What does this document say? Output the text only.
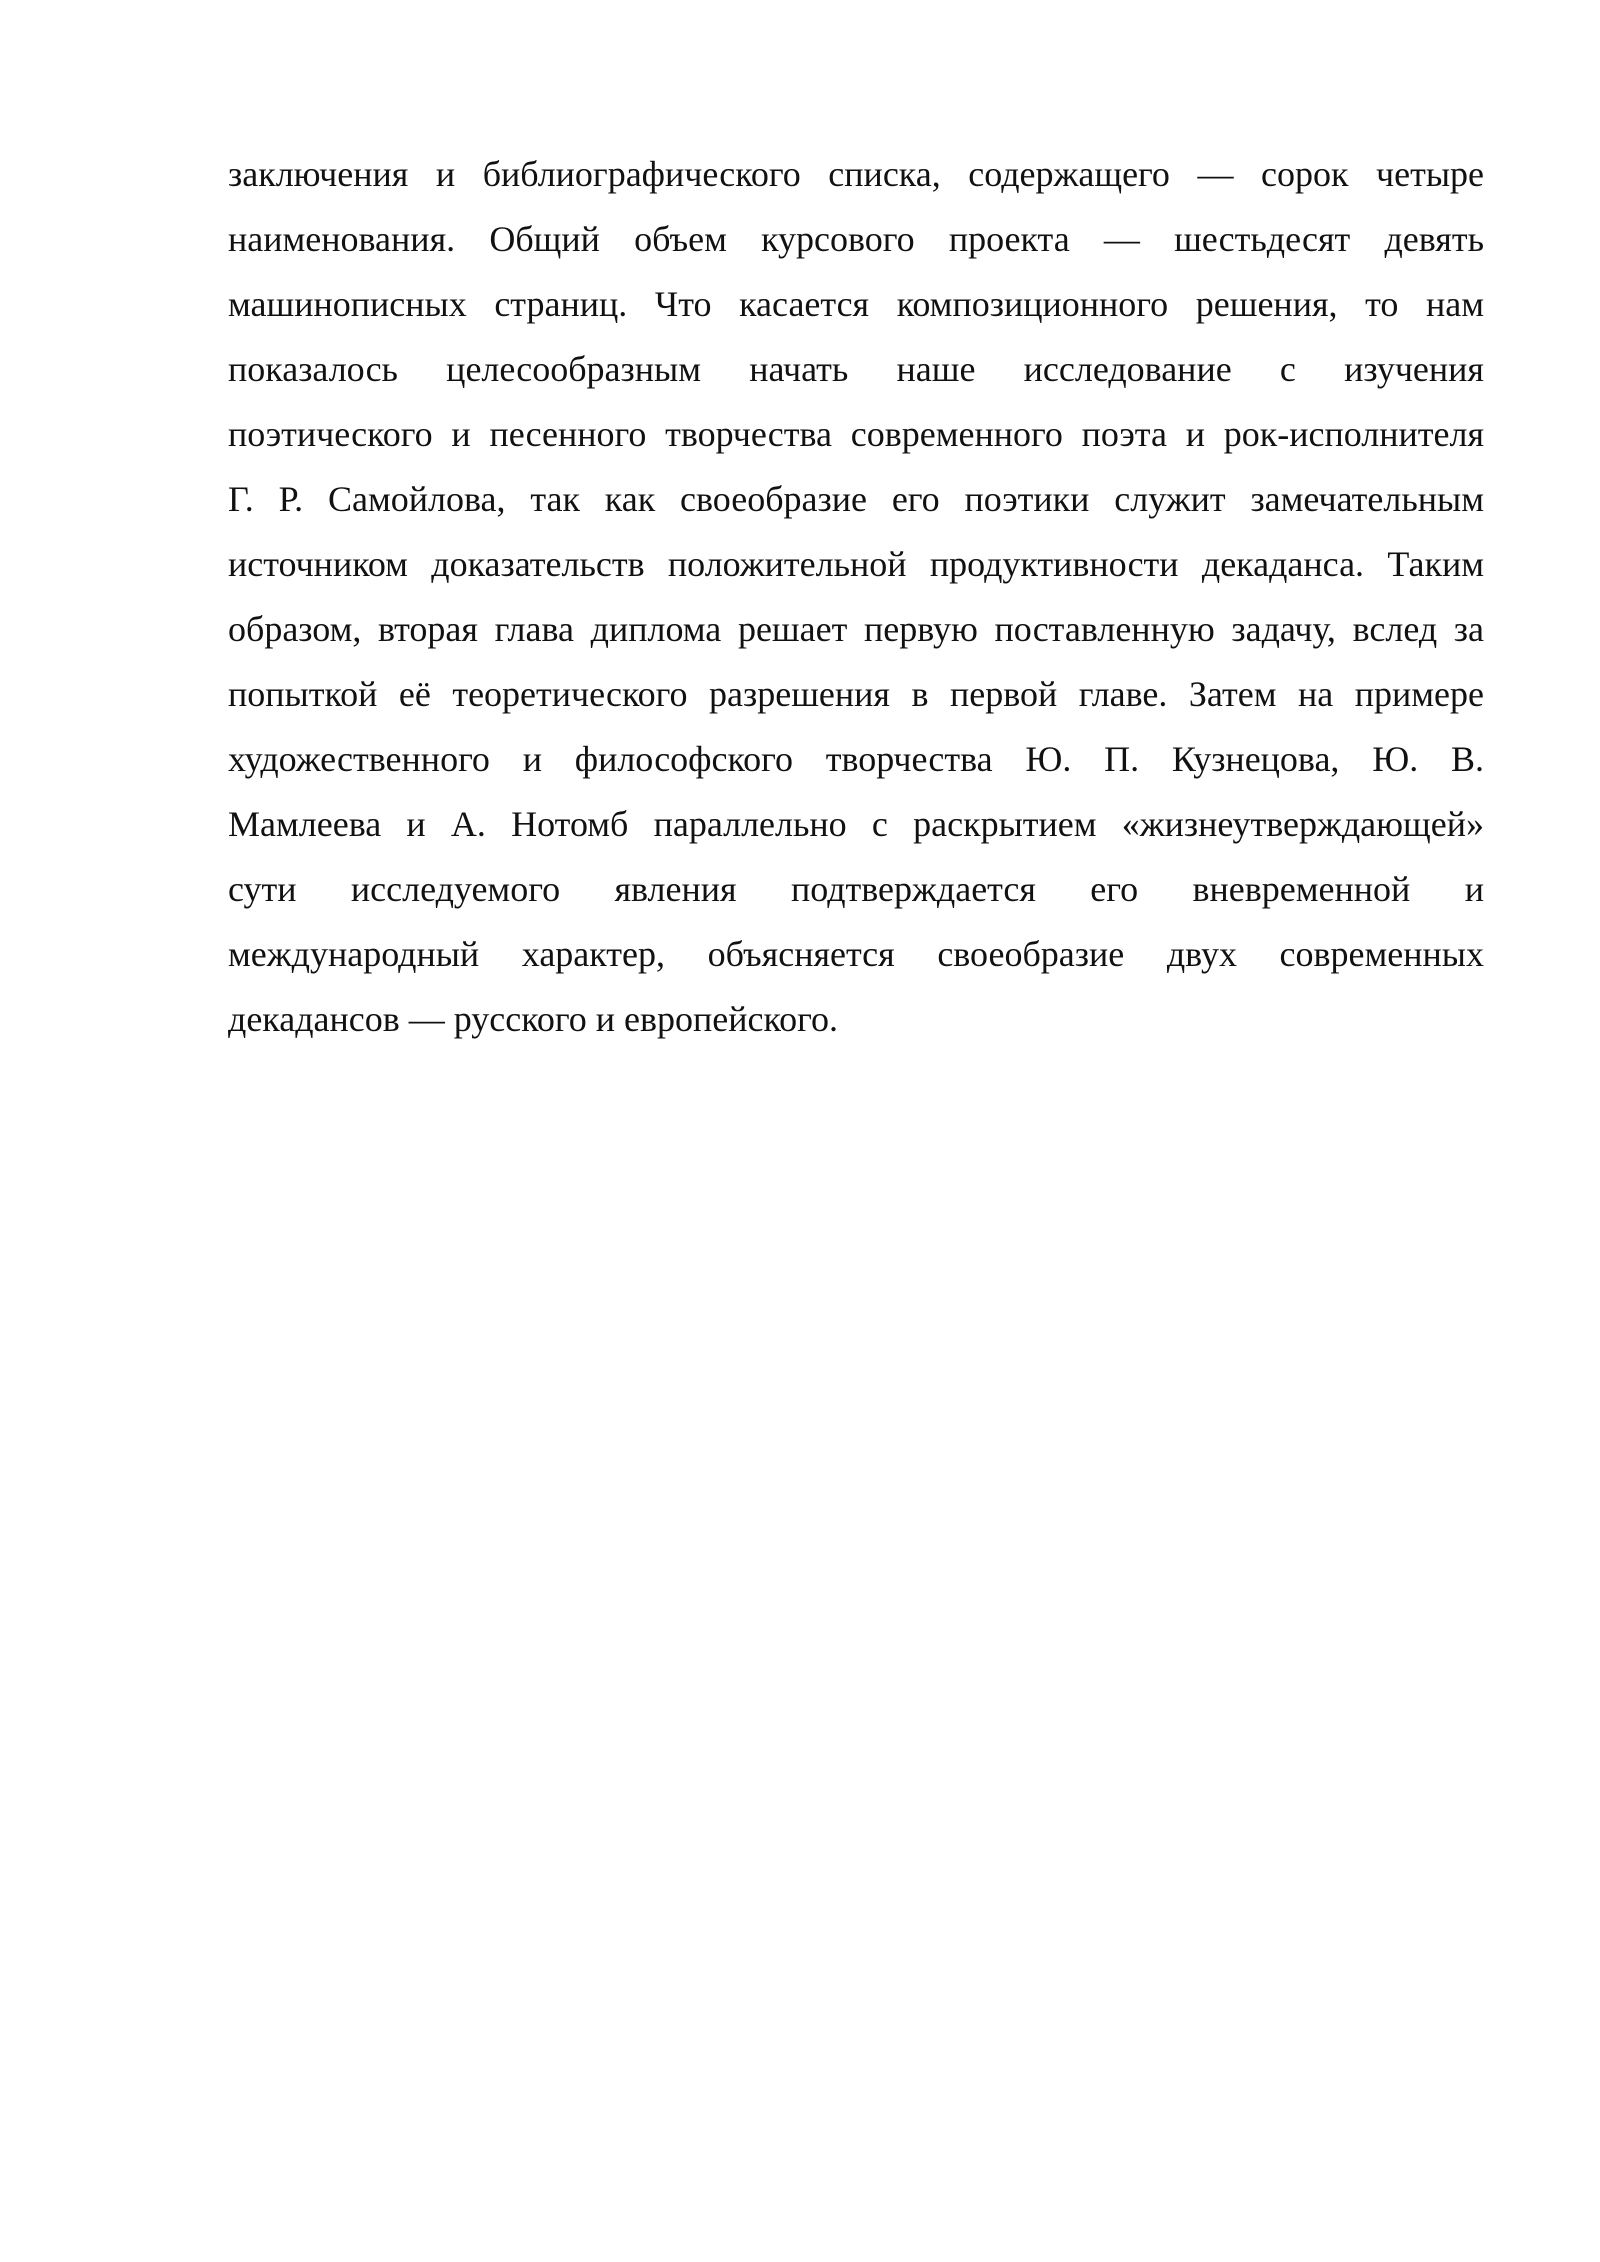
заключения и библиографического списка, содержащего — сорок четыре
наименования. Общий объем курсового проекта — шестьдесят девять
машинописных страниц. Что касается композиционного решения, то нам
показалось целесообразным начать наше исследование с изучения
поэтического и песенного творчества современного поэта и рок-исполнителя
Г. Р. Самойлова, так как своеобразие его поэтики служит замечательным
источником доказательств положительной продуктивности декаданса. Таким
образом, вторая глава диплома решает первую поставленную задачу, вслед за
попыткой её теоретического разрешения в первой главе. Затем на примере
художественного и философского творчества Ю. П. Кузнецова, Ю. В.
Мамлеева и А. Нотомб параллельно с раскрытием «жизнеутверждающей»
сути исследуемого явления подтверждается его вневременной и
международный характер, объясняется своеобразие двух современных
декадансов — русского и европейского.
